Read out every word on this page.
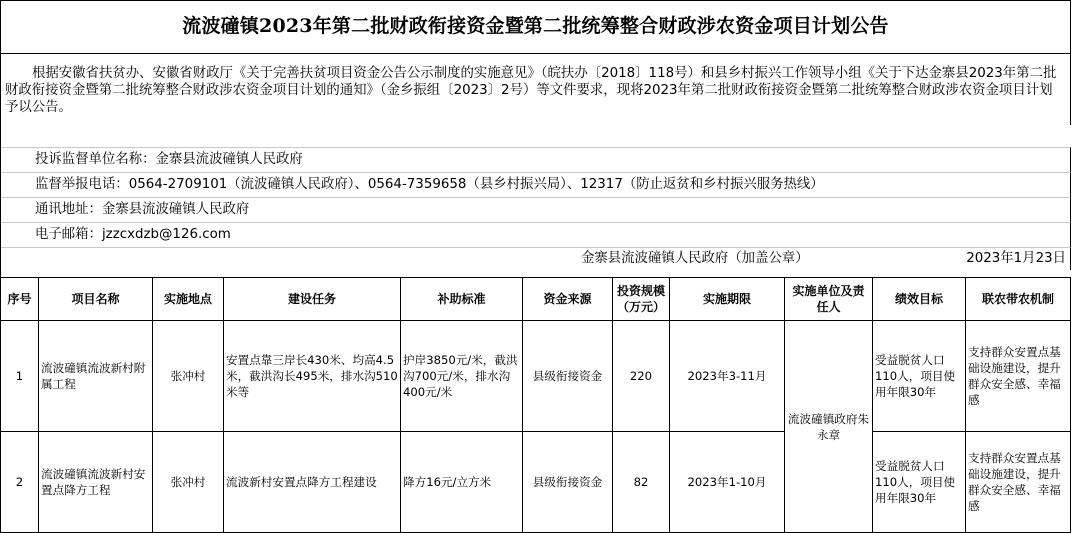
流波䃥镇2023年第二批财政衔接资金暨第二批统筹整合财政涉农资金项目计划公告
根据安徽省扶贫办、安徽省财政厅《关于完善扶贫项目资金公告公示制度的实施意见》（皖扶办〔2018〕118号）和县乡村振兴工作领导小组《关于下达金寨县2023年第二批财政衔接资金暨第二批统筹整合财政涉农资金项目计划的通知》（金乡振组〔2023〕2号）等文件要求，现将2023年第二批财政衔接资金暨第二批统筹整合财政涉农资金项目计划予以公告。
投诉监督单位名称：金寨县流波䃥镇人民政府
监督举报电话：0564-2709101（流波䃥镇人民政府）、0564-7359658（县乡村振兴局）、12317（防止返贫和乡村振兴服务热线）
通讯地址：金寨县流波䃥镇人民政府
电子邮箱：jzzcxdzb@126.com
金寨县流波䃥镇人民政府（加盖公章）	2023年1月23日
序号	项目名称	实施地点	建设任务	补助标准	资金来源	投资规模（万元）	实施期限	实施单位及责任人	绩效目标	联农带农机制
1	流波䃥镇流波新村附属工程	张冲村	安置点靠三岸长430米、均高4.5米，截洪沟长495米，排水沟510米等	护岸3850元/米，截洪沟700元/米，排水沟400元/米	县级衔接资金	220	2023年3-11月	流波䃥镇政府朱永章	受益脱贫人口110人，项目使用年限30年	支持群众安置点基础设施建设，提升群众安全感、幸福感
2	流波䃥镇流波新村安置点降方工程	张冲村	流波新村安置点降方工程建设	降方16元/立方米	县级衔接资金	82	2023年1-10月		受益脱贫人口110人，项目使用年限30年	支持群众安置点基础设施建设，提升群众安全感、幸福感
